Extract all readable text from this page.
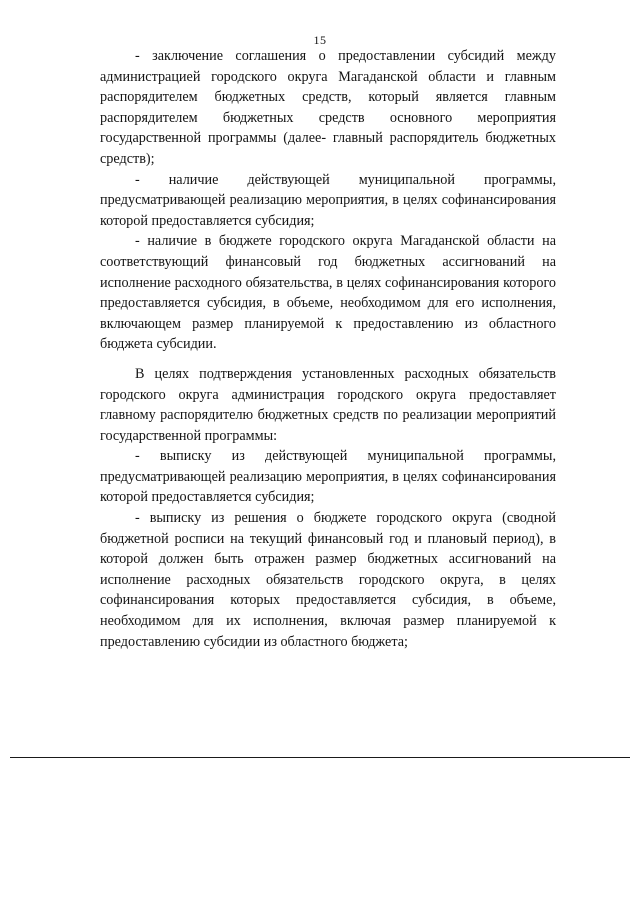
15

- заключение соглашения о предоставлении субсидий между администрацией городского округа Магаданской области и главным распорядителем бюджетных средств, который является главным распорядителем бюджетных средств основного мероприятия государственной программы (далее- главный распорядитель бюджетных средств);

- наличие действующей муниципальной программы, предусматривающей реализацию мероприятия, в целях софинансирования которой предоставляется субсидия;

- наличие в бюджете городского округа Магаданской области на соответствующий финансовый год бюджетных ассигнований на исполнение расходного обязательства, в целях софинансирования которого предоставляется субсидия, в объеме, необходимом для его исполнения, включающем размер планируемой к предоставлению из областного бюджета субсидии.

В целях подтверждения установленных расходных обязательств городского округа администрация городского округа предоставляет главному распорядителю бюджетных средств по реализации мероприятий государственной программы:

- выписку из действующей муниципальной программы, предусматривающей реализацию мероприятия, в целях софинансирования которой предоставляется субсидия;

- выписку из решения о бюджете городского округа (сводной бюджетной росписи на текущий финансовый год и плановый период), в которой должен быть отражен размер бюджетных ассигнований на исполнение расходных обязательств городского округа, в целях софинансирования которых предоставляется субсидия, в объеме, необходимом для их исполнения, включая размер планируемой к предоставлению субсидии из областного бюджета;
